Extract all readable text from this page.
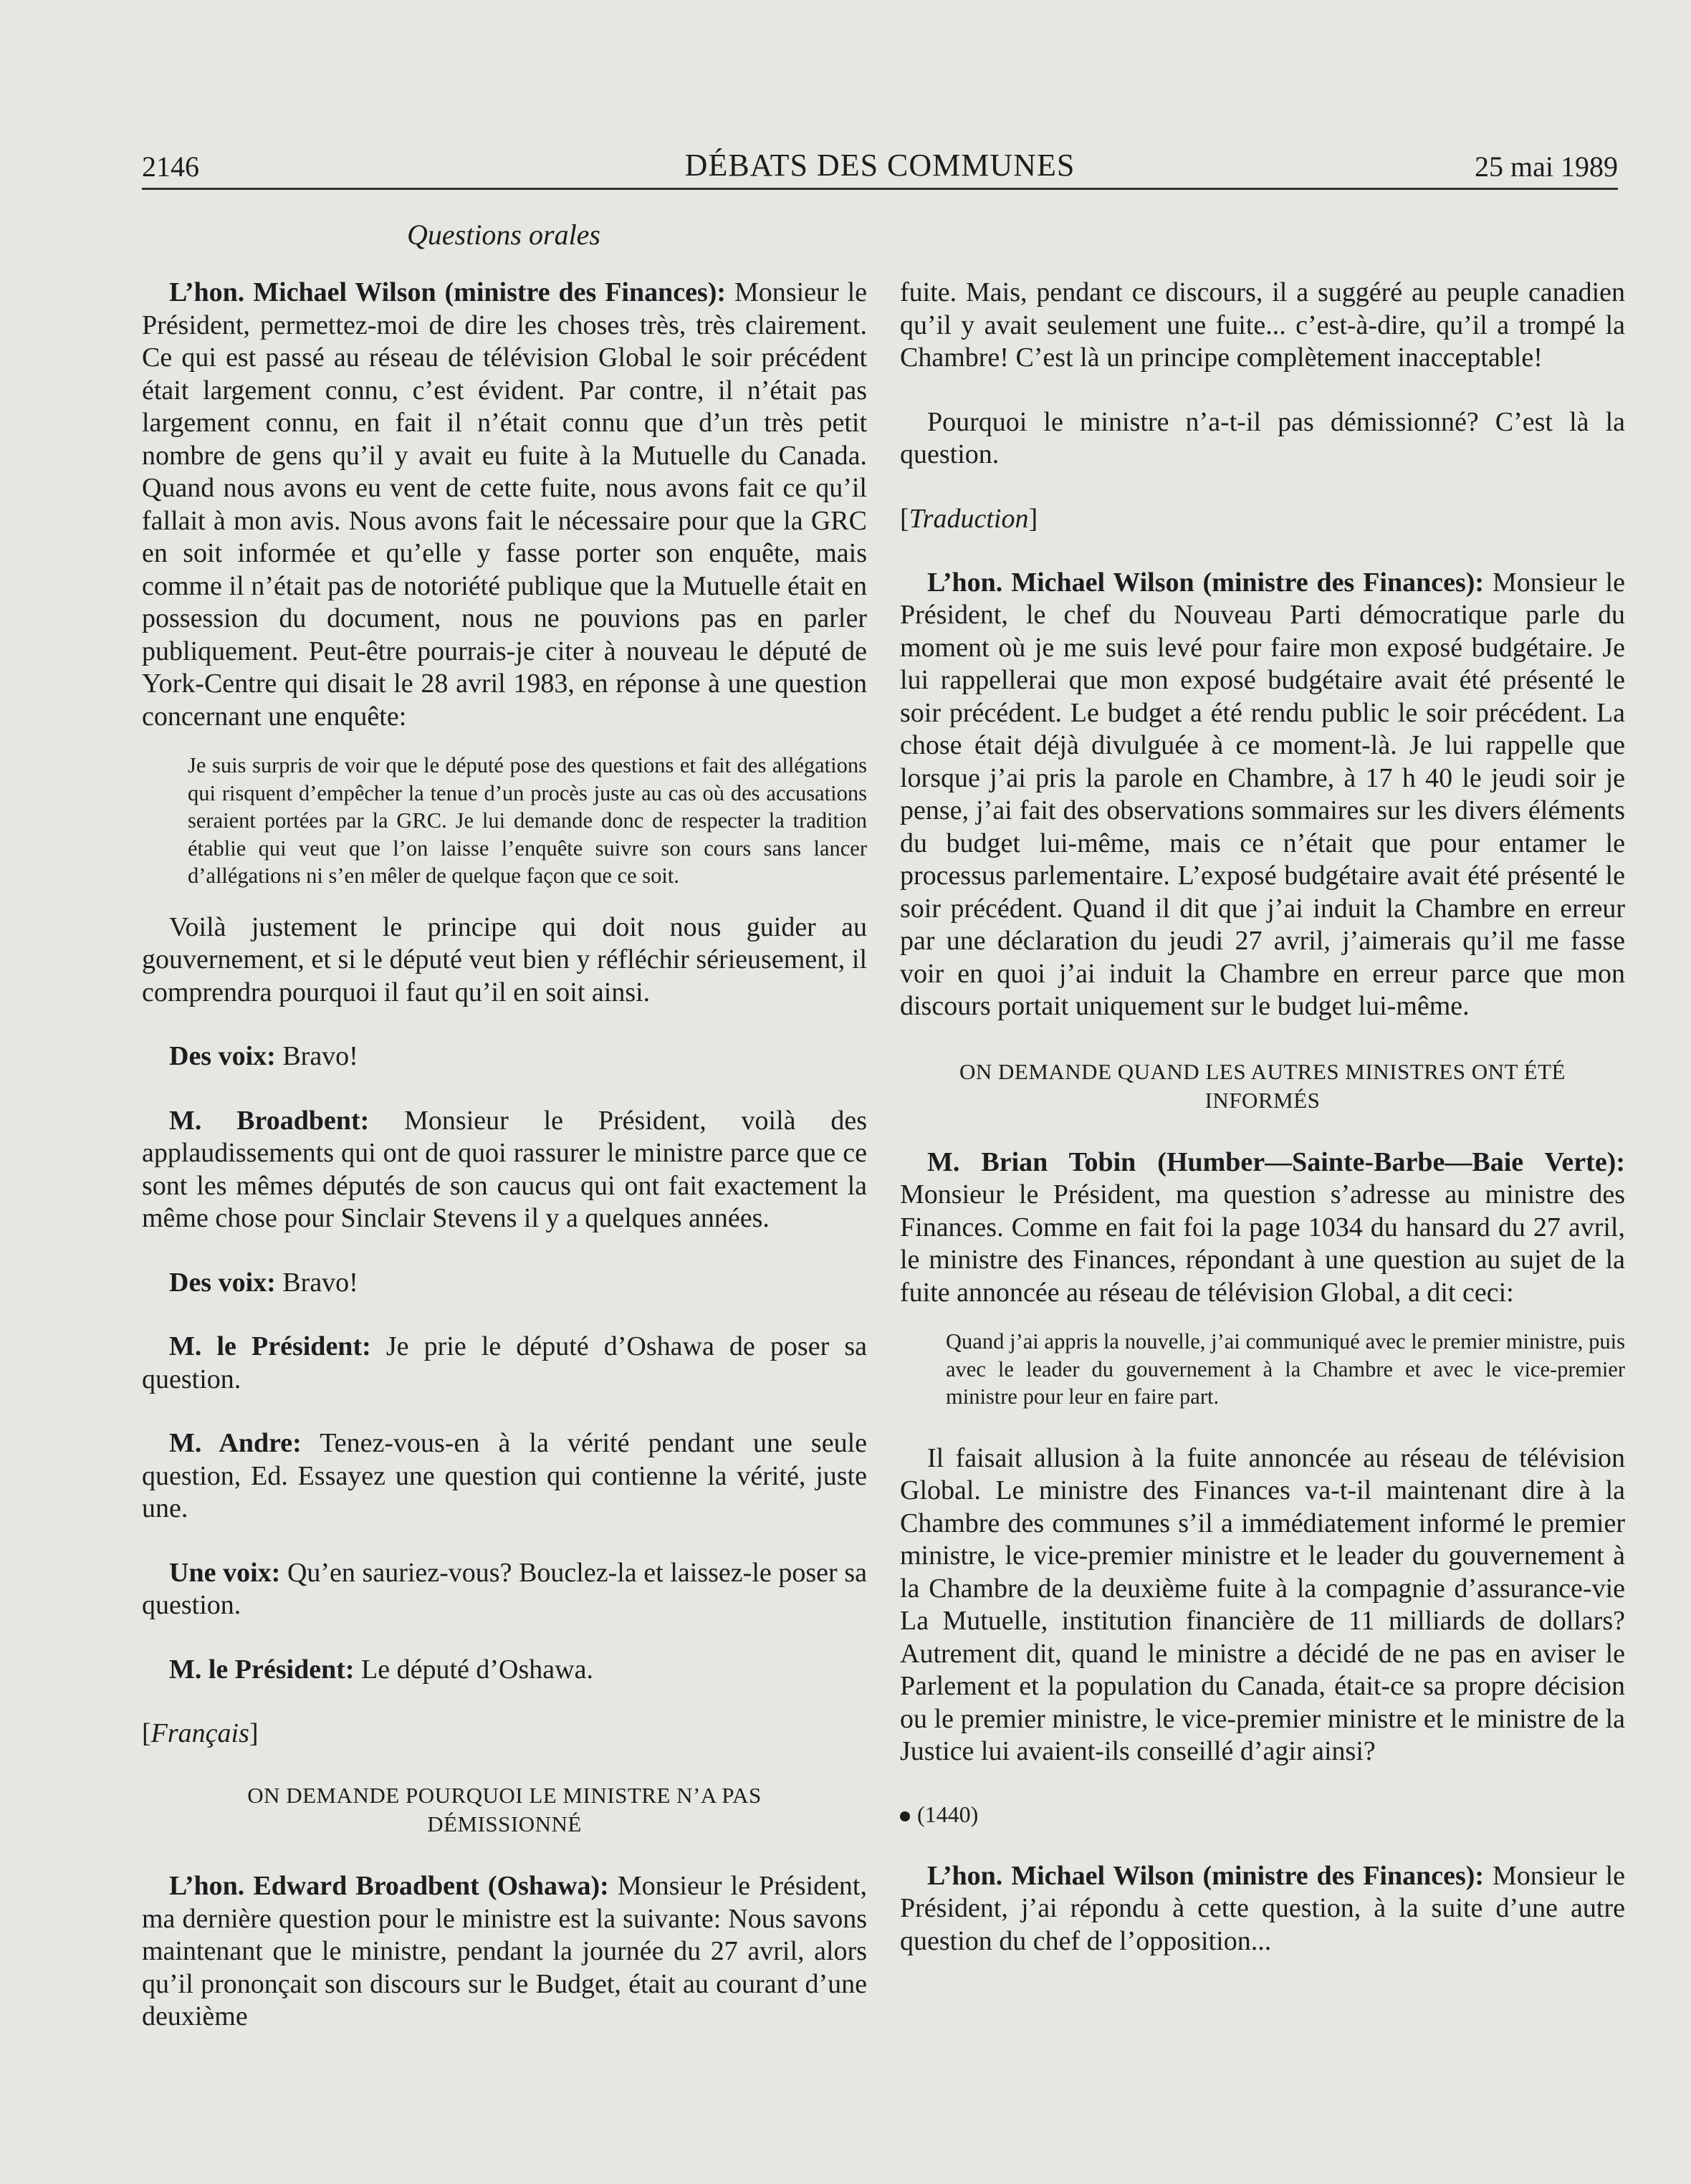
2146	DÉBATS DES COMMUNES	25 mai 1989
Questions orales

L’hon. Michael Wilson (ministre des Finances): Monsieur le Président, permettez-moi de dire les choses très, très clairement. Ce qui est passé au réseau de télévision Global le soir précédent était largement connu, c’est évident. Par contre, il n’était pas largement connu, en fait il n’était connu que d’un très petit nombre de gens qu’il y avait eu fuite à la Mutuelle du Canada. Quand nous avons eu vent de cette fuite, nous avons fait ce qu’il fallait à mon avis. Nous avons fait le nécessaire pour que la GRC en soit informée et qu’elle y fasse porter son enquête, mais comme il n’était pas de notoriété publique que la Mutuelle était en possession du document, nous ne pouvions pas en parler publiquement. Peut-être pourrais-je citer à nouveau le député de York-Centre qui disait le 28 avril 1983, en réponse à une question concernant une enquête:

Je suis surpris de voir que le député pose des questions et fait des allégations qui risquent d’empêcher la tenue d’un procès juste au cas où des accusations seraient portées par la GRC. Je lui demande donc de respecter la tradition établie qui veut que l’on laisse l’enquête suivre son cours sans lancer d’allégations ni s’en mêler de quelque façon que ce soit.

Voilà justement le principe qui doit nous guider au gouvernement, et si le député veut bien y réfléchir sérieusement, il comprendra pourquoi il faut qu’il en soit ainsi.

Des voix: Bravo!

M. Broadbent: Monsieur le Président, voilà des applaudissements qui ont de quoi rassurer le ministre parce que ce sont les mêmes députés de son caucus qui ont fait exactement la même chose pour Sinclair Stevens il y a quelques années.

Des voix: Bravo!

M. le Président: Je prie le député d’Oshawa de poser sa question.

M. Andre: Tenez-vous-en à la vérité pendant une seule question, Ed. Essayez une question qui contienne la vérité, juste une.

Une voix: Qu’en sauriez-vous? Bouclez-la et laissez-le poser sa question.

M. le Président: Le député d’Oshawa.

[Français]

ON DEMANDE POURQUOI LE MINISTRE N’A PAS

DÉMISSIONNÉ

L’hon. Edward Broadbent (Oshawa): Monsieur le Président, ma dernière question pour le ministre est la suivante: Nous savons maintenant que le ministre, pendant la journée du 27 avril, alors qu’il prononçait son discours sur le Budget, était au courant d’une deuxième

fuite. Mais, pendant ce discours, il a suggéré au peuple canadien qu’il y avait seulement une fuite... c’est-à-dire, qu’il a trompé la Chambre! C’est là un principe complètement inacceptable!

Pourquoi le ministre n’a-t-il pas démissionné? C’est là la question.

[Traduction]

L’hon. Michael Wilson (ministre des Finances): Monsieur le Président, le chef du Nouveau Parti démocratique parle du moment où je me suis levé pour faire mon exposé budgétaire. Je lui rappellerai que mon exposé budgétaire avait été présenté le soir précédent. Le budget a été rendu public le soir précédent. La chose était déjà divulguée à ce moment-là. Je lui rappelle que lorsque j’ai pris la parole en Chambre, à 17 h 40 le jeudi soir je pense, j’ai fait des observations sommaires sur les divers éléments du budget lui-même, mais ce n’était que pour entamer le processus parlementaire. L’exposé budgétaire avait été présenté le soir précédent. Quand il dit que j’ai induit la Chambre en erreur par une déclaration du jeudi 27 avril, j’aimerais qu’il me fasse voir en quoi j’ai induit la Chambre en erreur parce que mon discours portait uniquement sur le budget lui-même.

ON DEMANDE QUAND LES AUTRES MINISTRES ONT ÉTÉ

INFORMÉS

M. Brian Tobin (Humber—Sainte-Barbe—Baie Verte): Monsieur le Président, ma question s’adresse au ministre des Finances. Comme en fait foi la page 1034 du hansard du 27 avril, le ministre des Finances, répondant à une question au sujet de la fuite annoncée au réseau de télévision Global, a dit ceci:

Quand j’ai appris la nouvelle, j’ai communiqué avec le premier ministre, puis avec le leader du gouvernement à la Chambre et avec le vice-premier ministre pour leur en faire part.

Il faisait allusion à la fuite annoncée au réseau de télévision Global. Le ministre des Finances va-t-il maintenant dire à la Chambre des communes s’il a immédiatement informé le premier ministre, le vice-premier ministre et le leader du gouvernement à la Chambre de la deuxième fuite à la compagnie d’assurance-vie La Mutuelle, institution financière de 11 milliards de dollars? Autrement dit, quand le ministre a décidé de ne pas en aviser le Parlement et la population du Canada, était-ce sa propre décision ou le premier ministre, le vice-premier ministre et le ministre de la Justice lui avaient-ils conseillé d’agir ainsi?

(1440)

L’hon. Michael Wilson (ministre des Finances): Monsieur le Président, j’ai répondu à cette question, à la suite d’une autre question du chef de l’opposition...
